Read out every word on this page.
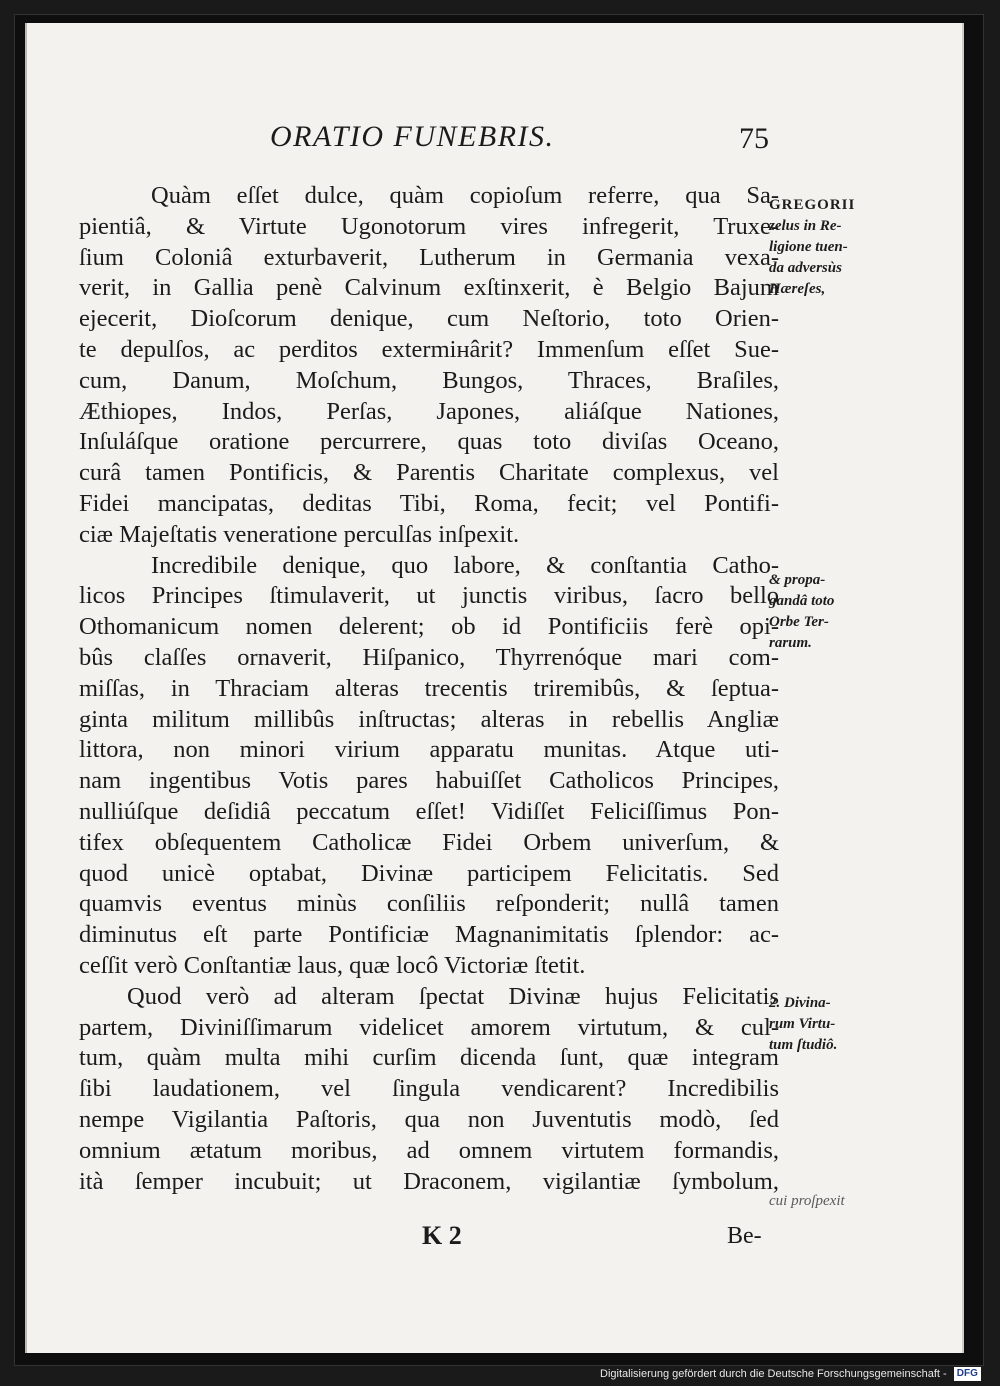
ORATIO FUNEBRIS.	75
Quàm eſſet dulce, quàm copioſum referre, qua Sa-
pientiâ, & Virtute Ugonotorum vires infregerit, Truxe-
ſium Coloniâ exturbaverit, Lutherum in Germania vexa-
verit, in Gallia penè Calvinum exſtinxerit, è Belgio Bajum
ejecerit, Dioſcorum denique, cum Neſtorio, toto Orien-
te depulſos, ac perditos extermінârit? Immenſum eſſet Sue-
cum, Danum, Moſchum, Bungos, Thraces, Braſiles,
Æthiopes, Indos, Perſas, Japones, aliáſque Nationes,
Inſuláſque oratione percurrere, quas toto diviſas Oceano,
curâ tamen Pontificis, & Parentis Charitate complexus, vel
Fidei mancipatas, deditas Tibi, Roma, fecit; vel Pontifi-
ciæ Majeſtatis veneratione perculſas inſpexit.
Incredibile denique, quo labore, & conſtantia Catho-
licos Principes ſtimulaverit, ut junctis viribus, ſacro bello
Othomanicum nomen delerent; ob id Pontificiis ferè opi-
bûs claſſes ornaverit, Hiſpanico, Thyrrenóque mari com-
miſſas, in Thraciam alteras trecentis triremibûs, & ſeptua-
ginta militum millibûs inſtructas; alteras in rebellis Angliæ
littora, non minori virium apparatu munitas. Atque uti-
nam ingentibus Votis pares habuiſſet Catholicos Principes,
nulliúſque deſidiâ peccatum eſſet! Vidiſſet Feliciſſimus Pon-
tifex obſequentem Catholicæ Fidei Orbem univerſum, &
quod unicè optabat, Divinæ participem Felicitatis. Sed
quamvis eventus minùs conſiliis reſponderit; nullâ tamen
diminutus eſt parte Pontificiæ Magnanimitatis ſplendor: ac-
ceſſit verò Conſtantiæ laus, quæ locô Victoriæ ſtetit.
Quod verò ad alteram ſpectat Divinæ hujus Felicitatis
partem, Diviniſſimarum videlicet amorem virtutum, & cul-
tum, quàm multa mihi curſim dicenda ſunt, quæ integram
ſibi laudationem, vel ſingula vendicarent? Incredibilis
nempe Vigilantia Paſtoris, qua non Juventutis modò, ſed
omnium ætatum moribus, ad omnem virtutem formandis,
ità ſemper incubuit; ut Draconem, vigilantiæ ſymbolum,
GREGORII
zelus in Re-
ligione tuen-
da adversùs
Hæreſes,
& propa-
gandâ toto
Orbe Ter-
rarum.
2. Divina-
rum Virtu-
tum ſtudiô.
cui proſpexit
K 2	Be-
Digitalisierung gefördert durch die Deutsche Forschungsgemeinschaft - DFG
